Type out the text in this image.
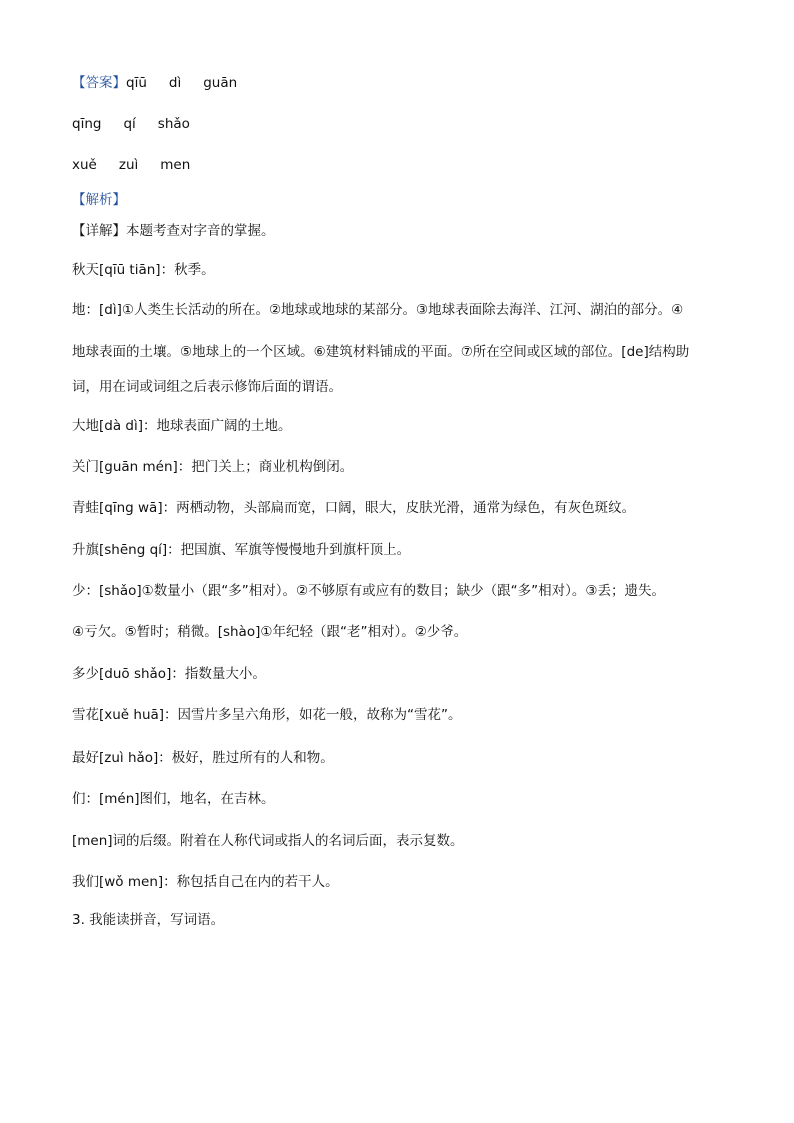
【答案】qīū dì guān
qīng qí shǎo
xuě zuì men
【解析】
【详解】本题考查对字音的掌握。
秋天[qīū tiān]：秋季。
地：[dì]①人类生长活动的所在。②地球或地球的某部分。③地球表面除去海洋、江河、湖泊的部分。④
地球表面的土壤。⑤地球上的一个区域。⑥建筑材料铺成的平面。⑦所在空间或区域的部位。[de]结构助
词，用在词或词组之后表示修饰后面的谓语。
大地[dà dì]：地球表面广阔的土地。
关门[guān mén]：把门关上；商业机构倒闭。
青蛙[qīng wā]：两栖动物，头部扁而宽，口阔，眼大，皮肤光滑，通常为绿色，有灰色斑纹。
升旗[shēng qí]：把国旗、军旗等慢慢地升到旗杆顶上。
少：[shǎo]①数量小（跟“多”相对）。②不够原有或应有的数目；缺少（跟“多”相对）。③丢；遗失。
④亏欠。⑤暂时；稍微。[shào]①年纪轻（跟“老”相对）。②少爷。
多少[duō shǎo]：指数量大小。
雪花[xuě huā]：因雪片多呈六角形，如花一般，故称为“雪花”。
最好[zuì hǎo]：极好，胜过所有的人和物。
们：[mén]图们，地名，在吉林。
[men]词的后缀。附着在人称代词或指人的名词后面，表示复数。
我们[wǒ men]：称包括自己在内的若干人。
3. 我能读拼音，写词语。
